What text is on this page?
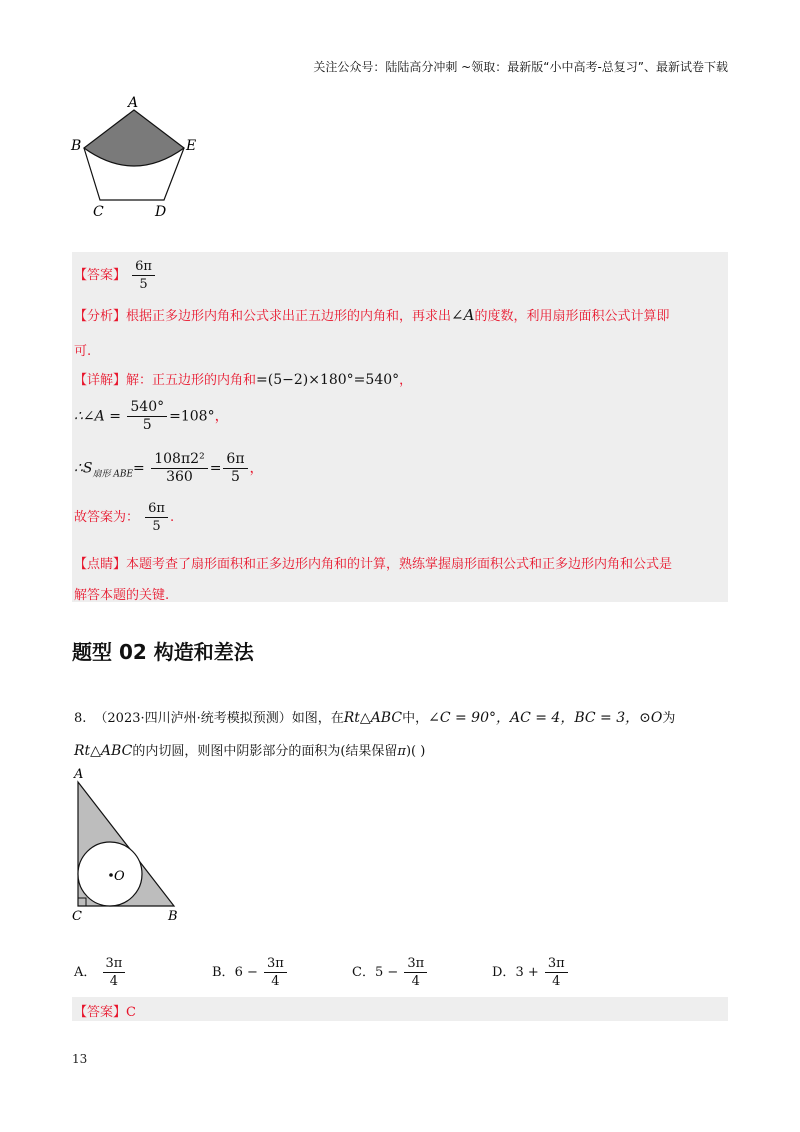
关注公众号：陆陆高分冲刺 ~领取：最新版“小中高考-总复习”、最新试卷下载
A
B	E
C	D
【答案】 $\frac{6\pi}{5}$
【分析】根据正多边形内角和公式求出正五边形的内角和，再求出∠A的度数，利用扇形面积公式计算即
可.
【详解】解：正五边形的内角和=(5−2)×180°=540°，
∴∠A = $\frac{540^\circ}{5} =108^\circ$，
$\therefore S_{扇形 ABE}= \frac{\text{108π2²}}{360} = \frac{6\pi}{5}$ ，
故答案为： $\frac{6\pi}{5}$ .
【点睛】本题考查了扇形面积和正多边形内角和的计算，熟练掌握扇形面积公式和正多边形内角和公式是
解答本题的关键.
题型 02 构造和差法
8. （2023·四川泸州·统考模拟预测）如图，在Rt△ABC中，∠C = 90°，AC = 4，BC = 3，⊙O为
Rt△ABC的内切圆，则图中阴影部分的面积为(结果保留π)( )
O
A
C	B
A． $\frac{3\pi}{4}$	B．$6 - \frac{3\pi}{4}$	C．$5 - \frac{3\pi}{4}$	D．$3 + \frac{3\pi}{4}$
【答案】C
13
